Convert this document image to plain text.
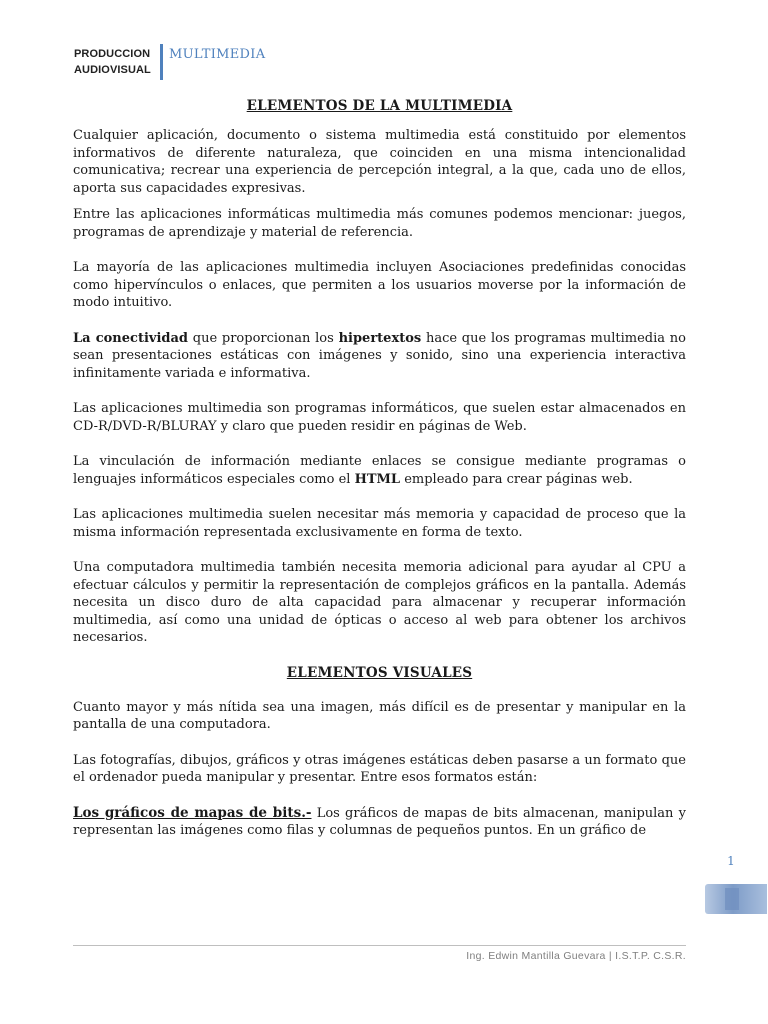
PRODUCCION
AUDIOVISUAL
MULTIMEDIA
ELEMENTOS DE LA MULTIMEDIA

Cualquier aplicación, documento o sistema multimedia está constituido por elementos informativos de diferente naturaleza, que coinciden en una misma intencionalidad comunicativa; recrear una experiencia de percepción integral, a la que, cada uno de ellos, aporta sus capacidades expresivas.

Entre las aplicaciones informáticas multimedia más comunes podemos mencionar: juegos, programas de aprendizaje y material de referencia.

La mayoría de las aplicaciones multimedia incluyen Asociaciones predefinidas conocidas como hipervínculos o enlaces, que permiten a los usuarios moverse por la información de modo intuitivo.

La conectividad que proporcionan los hipertextos hace que los programas multimedia no sean presentaciones estáticas con imágenes y sonido, sino una experiencia interactiva infinitamente variada e informativa.

Las aplicaciones multimedia son programas informáticos, que suelen estar almacenados en CD-R/DVD-R/BLURAY y claro que pueden residir en páginas de Web.

La vinculación de información mediante enlaces se consigue mediante programas o lenguajes informáticos especiales como el HTML empleado para crear páginas web.

Las aplicaciones multimedia suelen necesitar más memoria y capacidad de proceso que la misma información representada exclusivamente en forma de texto.

Una computadora multimedia también necesita memoria adicional para ayudar al CPU a efectuar cálculos y permitir la representación de complejos gráficos en la pantalla. Además necesita un disco duro de alta capacidad para almacenar y recuperar información multimedia, así como una unidad de ópticas o acceso al web para obtener los archivos necesarios.

ELEMENTOS VISUALES

Cuanto mayor y más nítida sea una imagen, más difícil es de presentar y manipular en la pantalla de una computadora.

Las fotografías, dibujos, gráficos y otras imágenes estáticas deben pasarse a un formato que el ordenador pueda manipular y presentar. Entre esos formatos están:

Los gráficos de mapas de bits.- Los gráficos de mapas de bits almacenan, manipulan y representan las imágenes como filas y columnas de pequeños puntos. En un gráfico de

1
Ing. Edwin Mantilla Guevara | I.S.T.P. C.S.R.
